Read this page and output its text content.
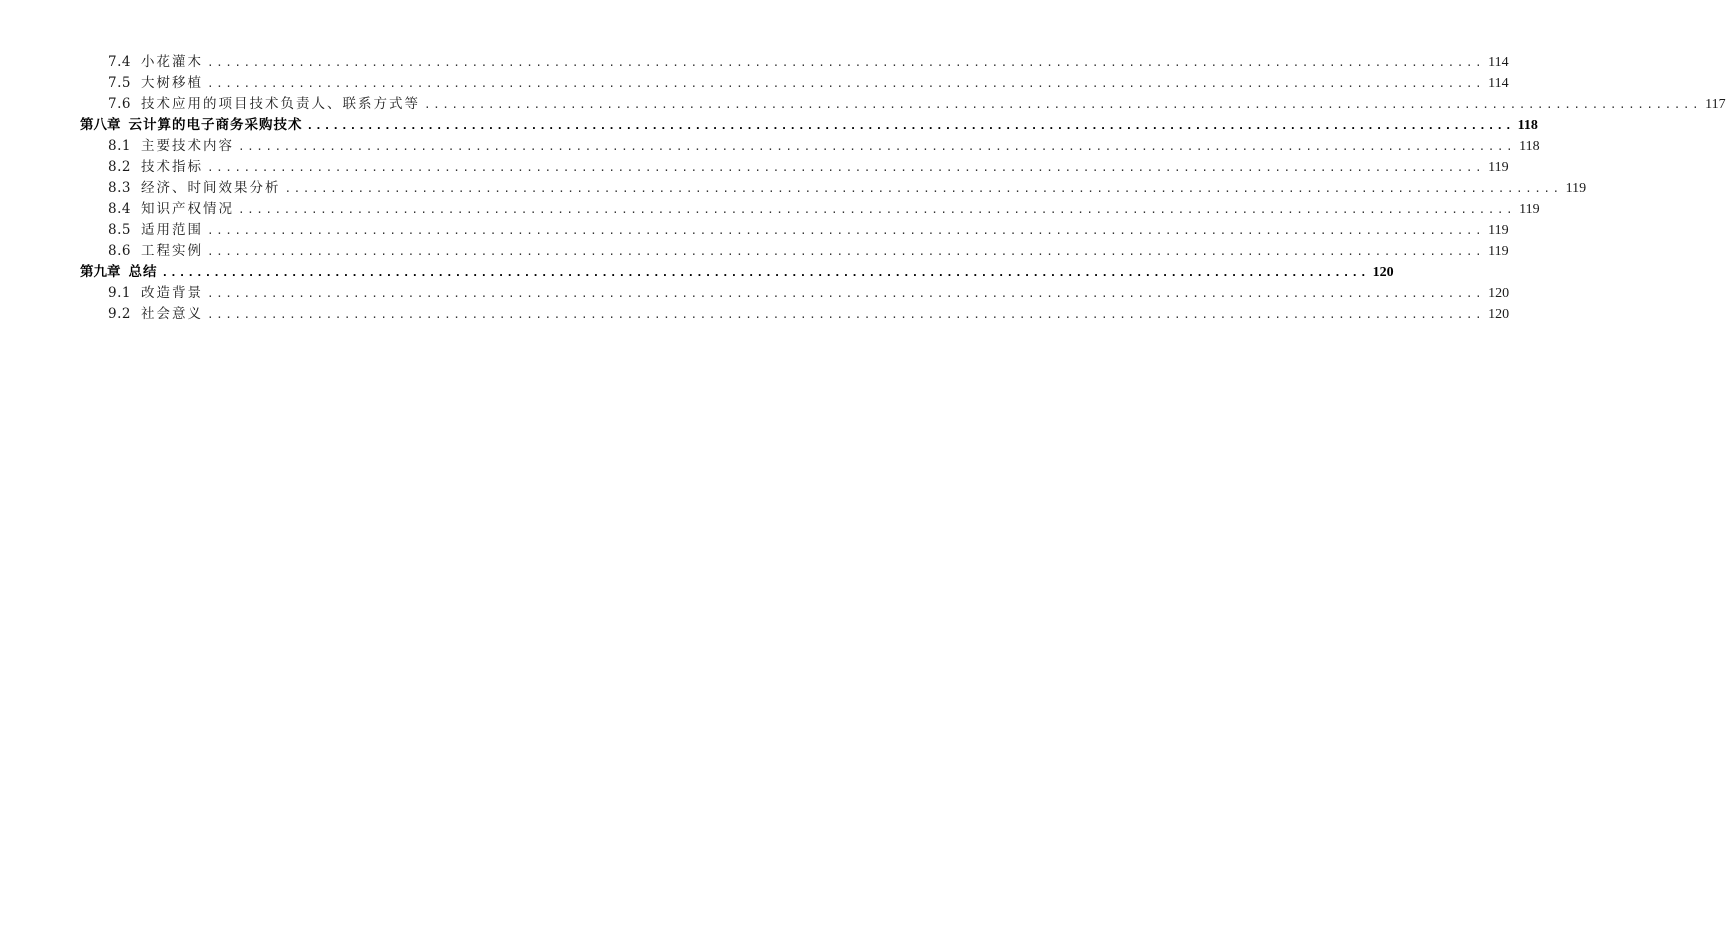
7.4 小花灌木 ............................................................................................................................................ 114
7.5 大树移植 ............................................................................................................................................ 114
7.6 技术应用的项目技术负责人、联系方式等 ............................................................................................................................................ 117
第八章 云计算的电子商务采购技术 ............................................................................................................................................ 118
8.1 主要技术内容 ............................................................................................................................................ 118
8.2 技术指标 ............................................................................................................................................ 119
8.3 经济、时间效果分析 ............................................................................................................................................ 119
8.4 知识产权情况 ............................................................................................................................................ 119
8.5 适用范围 ............................................................................................................................................ 119
8.6 工程实例 ............................................................................................................................................ 119
第九章 总结 ............................................................................................................................................ 120
9.1 改造背景 ............................................................................................................................................ 120
9.2 社会意义 ............................................................................................................................................ 120
